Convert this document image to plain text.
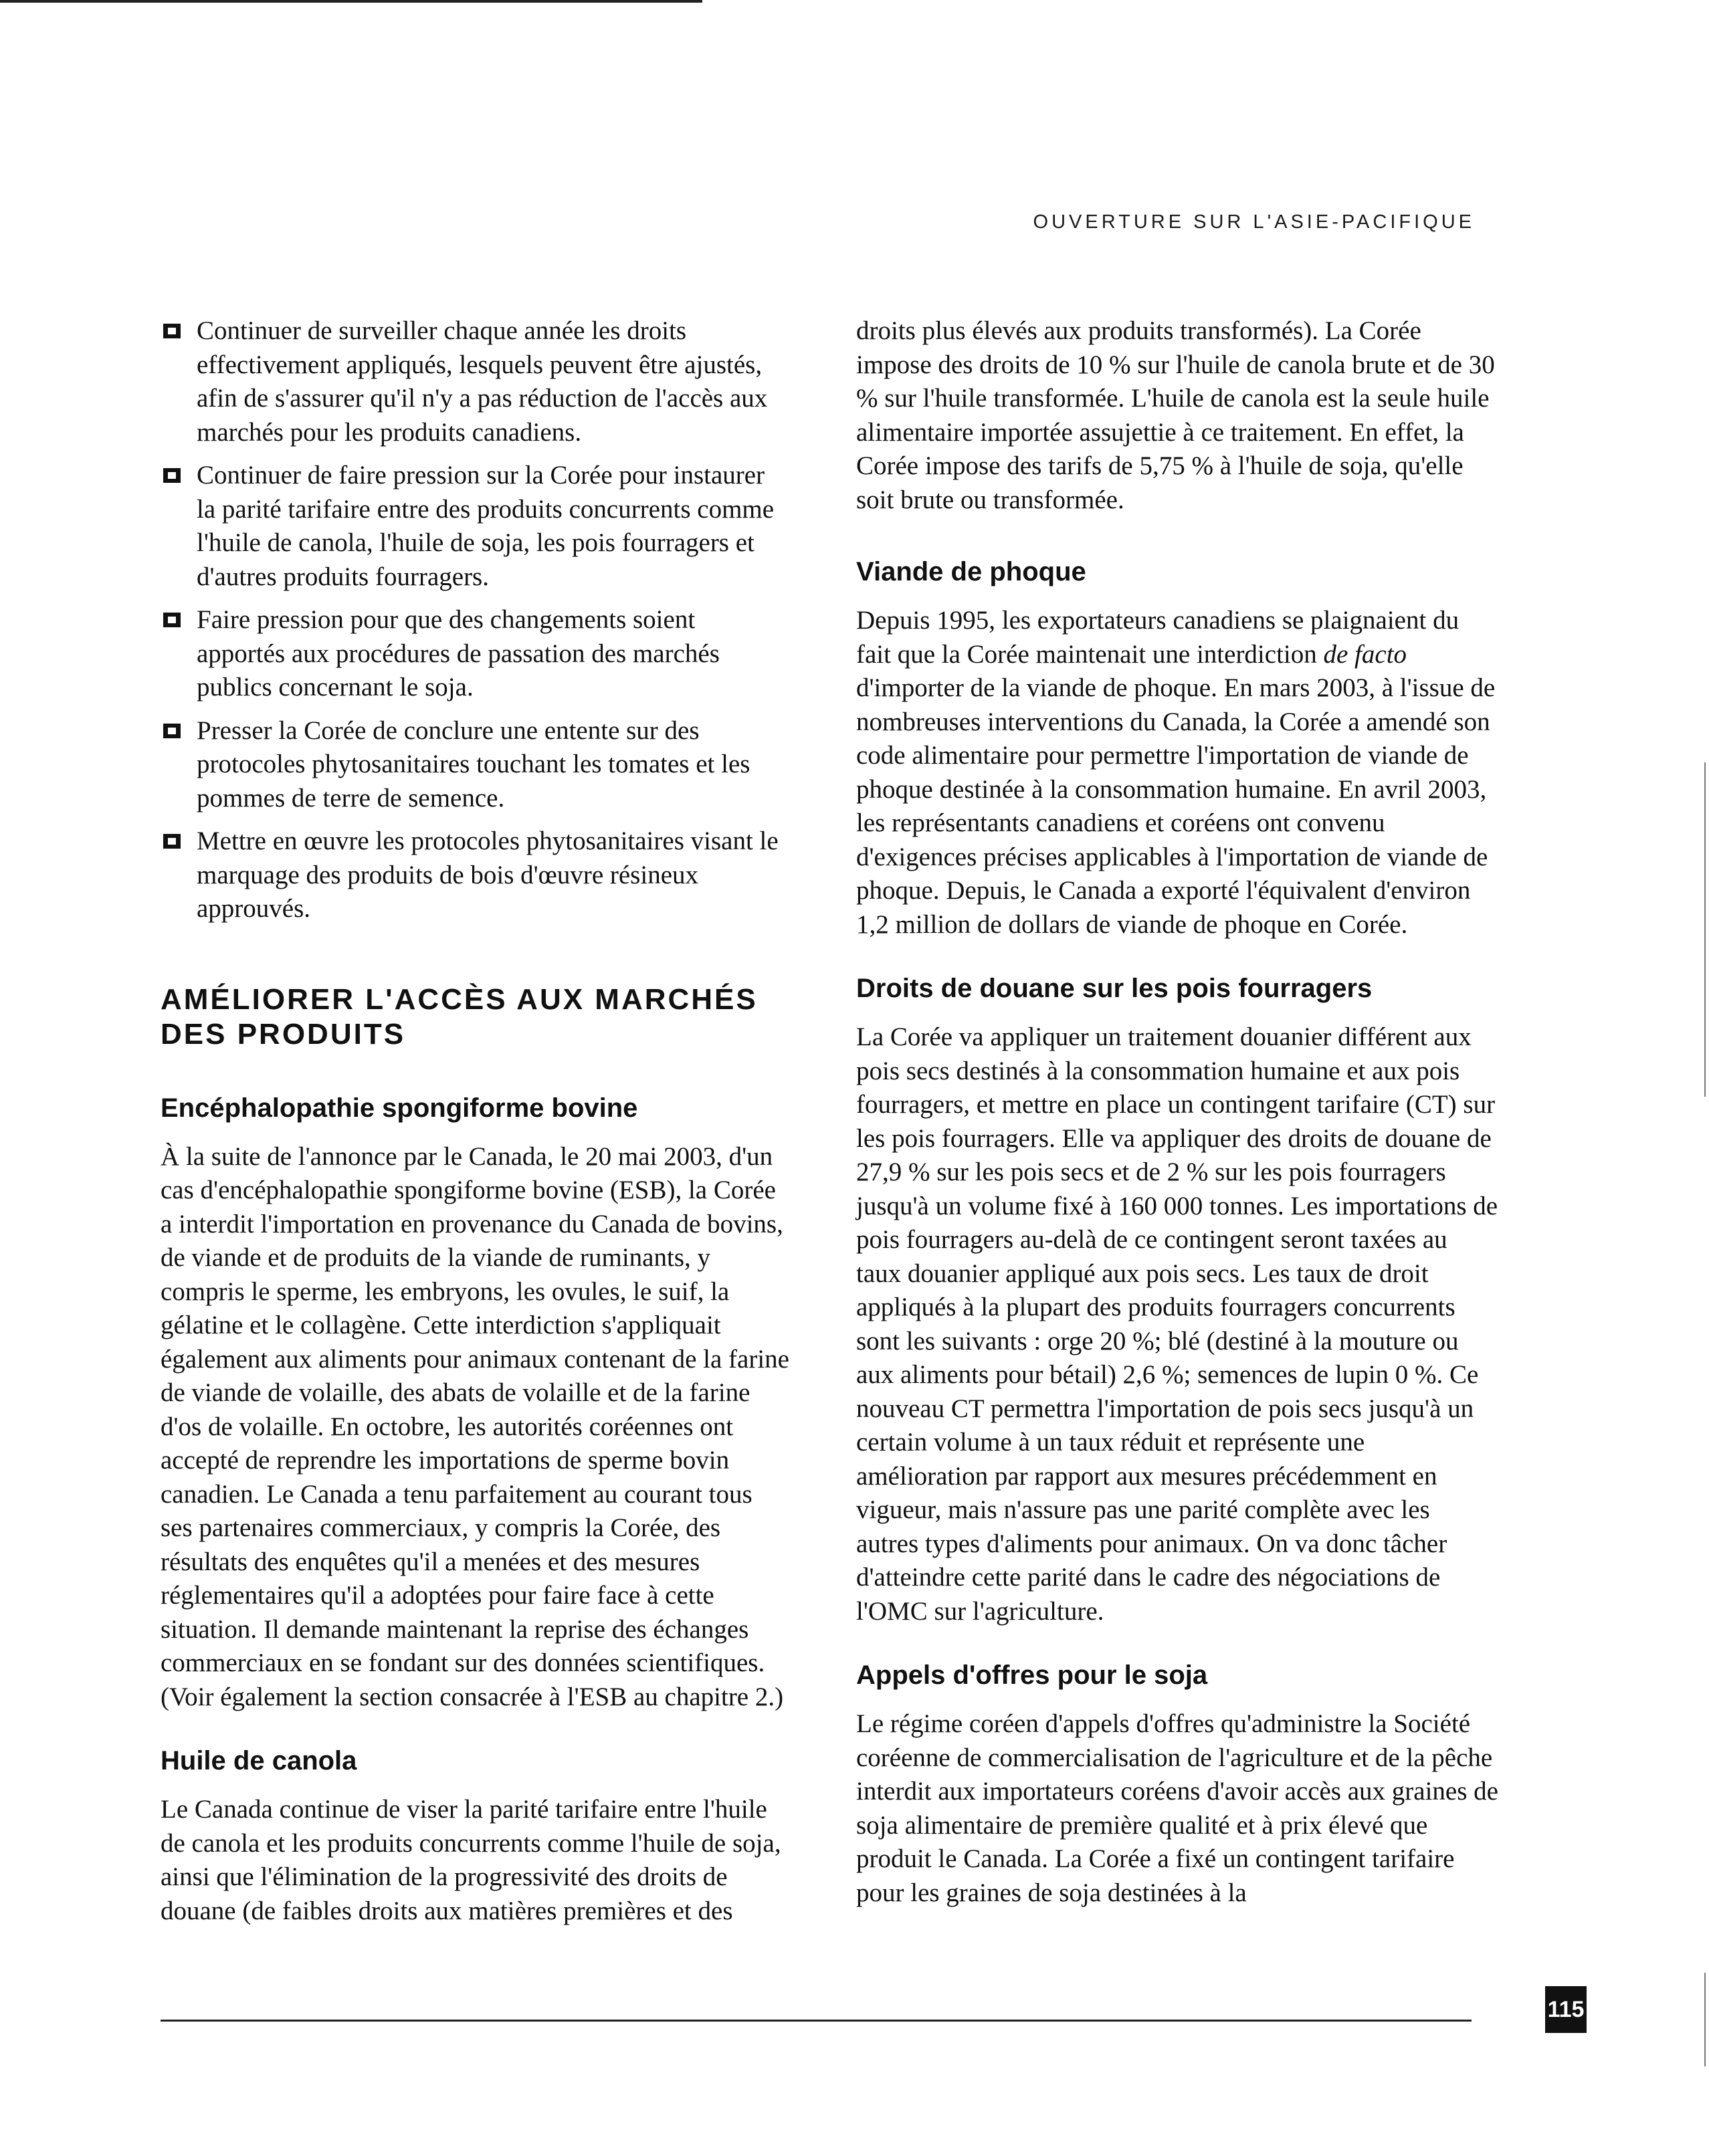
OUVERTURE SUR L'ASIE-PACIFIQUE
Continuer de surveiller chaque année les droits effectivement appliqués, lesquels peuvent être ajustés, afin de s'assurer qu'il n'y a pas réduction de l'accès aux marchés pour les produits canadiens.
Continuer de faire pression sur la Corée pour instaurer la parité tarifaire entre des produits concurrents comme l'huile de canola, l'huile de soja, les pois fourragers et d'autres produits fourragers.
Faire pression pour que des changements soient apportés aux procédures de passation des marchés publics concernant le soja.
Presser la Corée de conclure une entente sur des protocoles phytosanitaires touchant les tomates et les pommes de terre de semence.
Mettre en œuvre les protocoles phytosanitaires visant le marquage des produits de bois d'œuvre résineux approuvés.
AMÉLIORER L'ACCÈS AUX MARCHÉS DES PRODUITS
Encéphalopathie spongiforme bovine

À la suite de l'annonce par le Canada, le 20 mai 2003, d'un cas d'encéphalopathie spongiforme bovine (ESB), la Corée a interdit l'importation en provenance du Canada de bovins, de viande et de produits de la viande de ruminants, y compris le sperme, les embryons, les ovules, le suif, la gélatine et le collagène. Cette interdiction s'appliquait également aux aliments pour animaux contenant de la farine de viande de volaille, des abats de volaille et de la farine d'os de volaille. En octobre, les autorités coréennes ont accepté de reprendre les importations de sperme bovin canadien. Le Canada a tenu parfaitement au courant tous ses partenaires commerciaux, y compris la Corée, des résultats des enquêtes qu'il a menées et des mesures réglementaires qu'il a adoptées pour faire face à cette situation. Il demande maintenant la reprise des échanges commerciaux en se fondant sur des données scientifiques. (Voir également la section consacrée à l'ESB au chapitre 2.)

Huile de canola

Le Canada continue de viser la parité tarifaire entre l'huile de canola et les produits concurrents comme l'huile de soja, ainsi que l'élimination de la progressivité des droits de douane (de faibles droits aux matières premières et des

droits plus élevés aux produits transformés). La Corée impose des droits de 10 % sur l'huile de canola brute et de 30 % sur l'huile transformée. L'huile de canola est la seule huile alimentaire importée assujettie à ce traitement. En effet, la Corée impose des tarifs de 5,75 % à l'huile de soja, qu'elle soit brute ou transformée.

Viande de phoque

Depuis 1995, les exportateurs canadiens se plaignaient du fait que la Corée maintenait une interdiction de facto d'importer de la viande de phoque. En mars 2003, à l'issue de nombreuses interventions du Canada, la Corée a amendé son code alimentaire pour permettre l'importation de viande de phoque destinée à la consommation humaine. En avril 2003, les représentants canadiens et coréens ont convenu d'exigences précises applicables à l'importation de viande de phoque. Depuis, le Canada a exporté l'équivalent d'environ 1,2 million de dollars de viande de phoque en Corée.

Droits de douane sur les pois fourragers

La Corée va appliquer un traitement douanier différent aux pois secs destinés à la consommation humaine et aux pois fourragers, et mettre en place un contingent tarifaire (CT) sur les pois fourragers. Elle va appliquer des droits de douane de 27,9 % sur les pois secs et de 2 % sur les pois fourragers jusqu'à un volume fixé à 160 000 tonnes. Les importations de pois fourragers au-delà de ce contingent seront taxées au taux douanier appliqué aux pois secs. Les taux de droit appliqués à la plupart des produits fourragers concurrents sont les suivants : orge 20 %; blé (destiné à la mouture ou aux aliments pour bétail) 2,6 %; semences de lupin 0 %. Ce nouveau CT permettra l'importation de pois secs jusqu'à un certain volume à un taux réduit et représente une amélioration par rapport aux mesures précédemment en vigueur, mais n'assure pas une parité complète avec les autres types d'aliments pour animaux. On va donc tâcher d'atteindre cette parité dans le cadre des négociations de l'OMC sur l'agriculture.

Appels d'offres pour le soja

Le régime coréen d'appels d'offres qu'administre la Société coréenne de commercialisation de l'agriculture et de la pêche interdit aux importateurs coréens d'avoir accès aux graines de soja alimentaire de première qualité et à prix élevé que produit le Canada. La Corée a fixé un contingent tarifaire pour les graines de soja destinées à la

115
